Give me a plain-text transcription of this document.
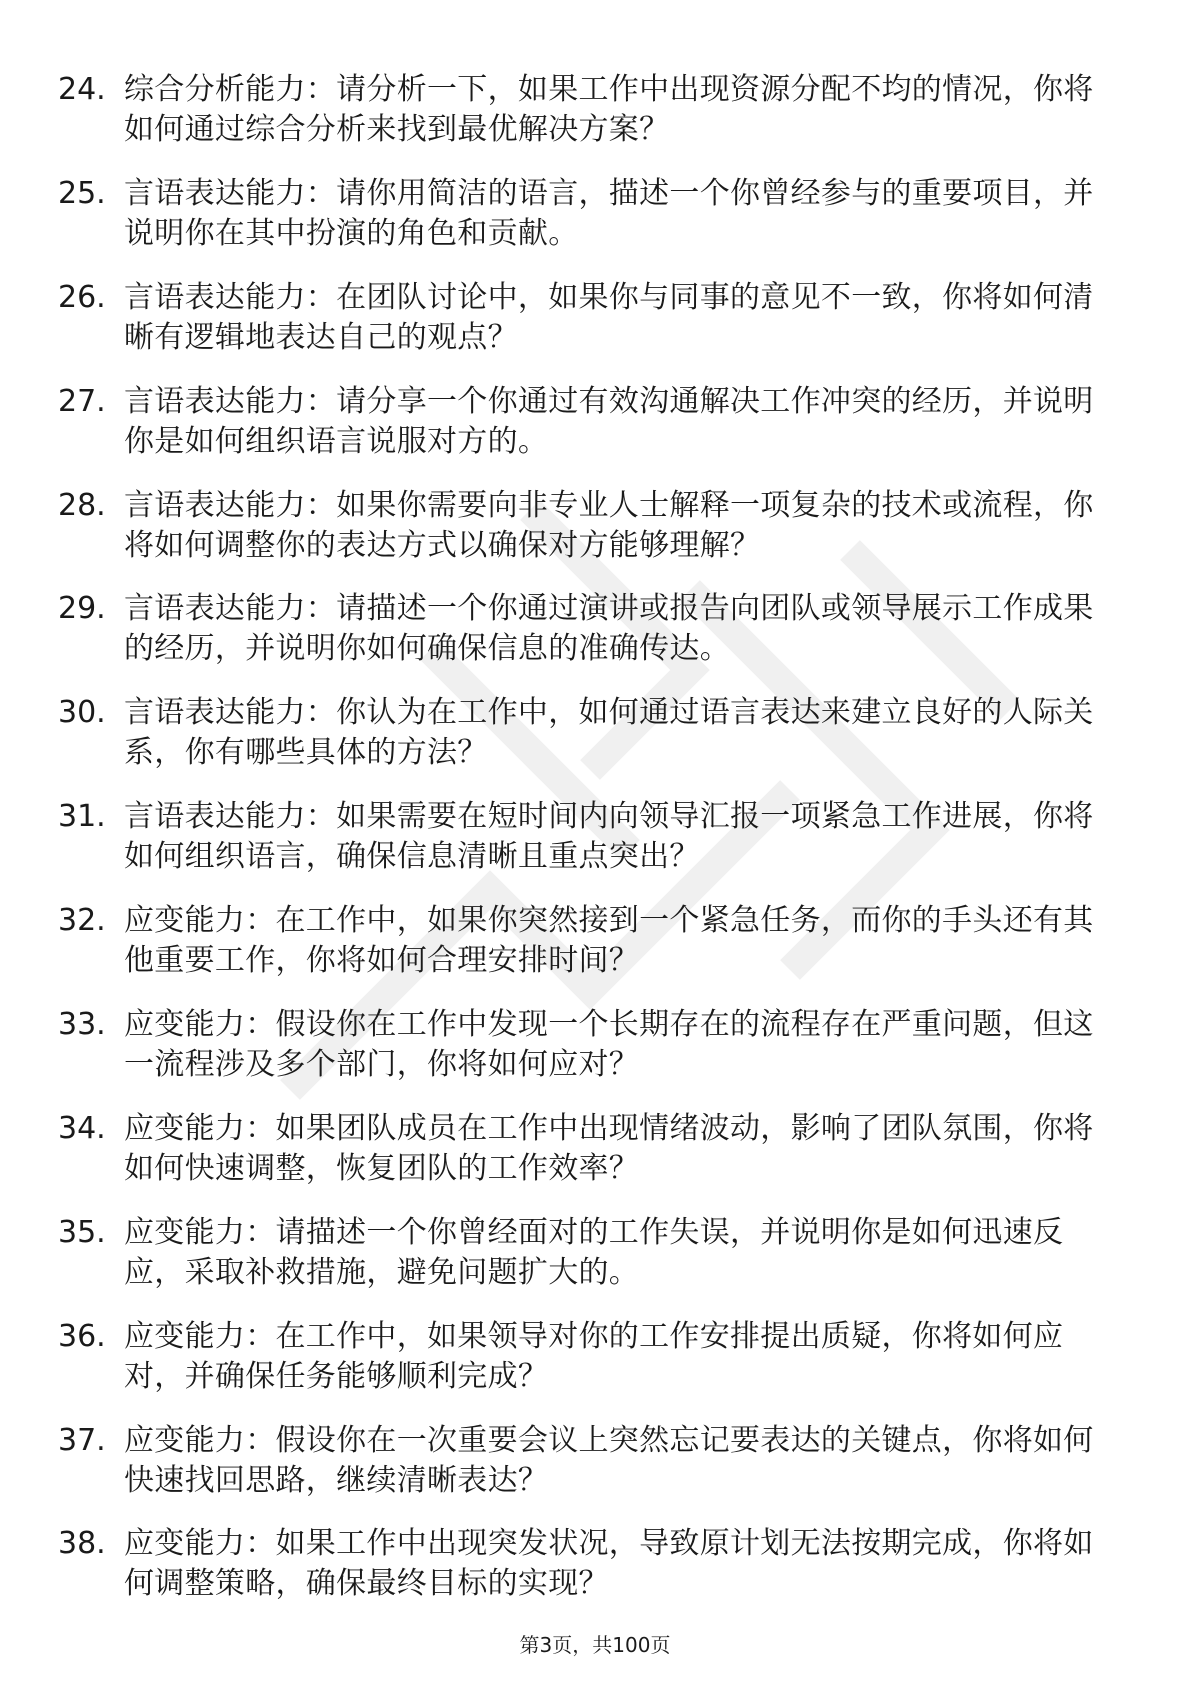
24. 综合分析能力：请分析一下，如果工作中出现资源分配不均的情况，你将如何通过综合分析来找到最优解决方案？
25. 言语表达能力：请你用简洁的语言，描述一个你曾经参与的重要项目，并说明你在其中扮演的角色和贡献。
26. 言语表达能力：在团队讨论中，如果你与同事的意见不一致，你将如何清晰有逻辑地表达自己的观点？
27. 言语表达能力：请分享一个你通过有效沟通解决工作冲突的经历，并说明你是如何组织语言说服对方的。
28. 言语表达能力：如果你需要向非专业人士解释一项复杂的技术或流程，你将如何调整你的表达方式以确保对方能够理解？
29. 言语表达能力：请描述一个你通过演讲或报告向团队或领导展示工作成果的经历，并说明你如何确保信息的准确传达。
30. 言语表达能力：你认为在工作中，如何通过语言表达来建立良好的人际关系，你有哪些具体的方法？
31. 言语表达能力：如果需要在短时间内向领导汇报一项紧急工作进展，你将如何组织语言，确保信息清晰且重点突出？
32. 应变能力：在工作中，如果你突然接到一个紧急任务，而你的手头还有其他重要工作，你将如何合理安排时间？
33. 应变能力：假设你在工作中发现一个长期存在的流程存在严重问题，但这一流程涉及多个部门，你将如何应对？
34. 应变能力：如果团队成员在工作中出现情绪波动，影响了团队氛围，你将如何快速调整，恢复团队的工作效率？
35. 应变能力：请描述一个你曾经面对的工作失误，并说明你是如何迅速反应，采取补救措施，避免问题扩大的。
36. 应变能力：在工作中，如果领导对你的工作安排提出质疑，你将如何应对，并确保任务能够顺利完成？
37. 应变能力：假设你在一次重要会议上突然忘记要表达的关键点，你将如何快速找回思路，继续清晰表达？
38. 应变能力：如果工作中出现突发状况，导致原计划无法按期完成，你将如何调整策略，确保最终目标的实现？
第3页，共100页
